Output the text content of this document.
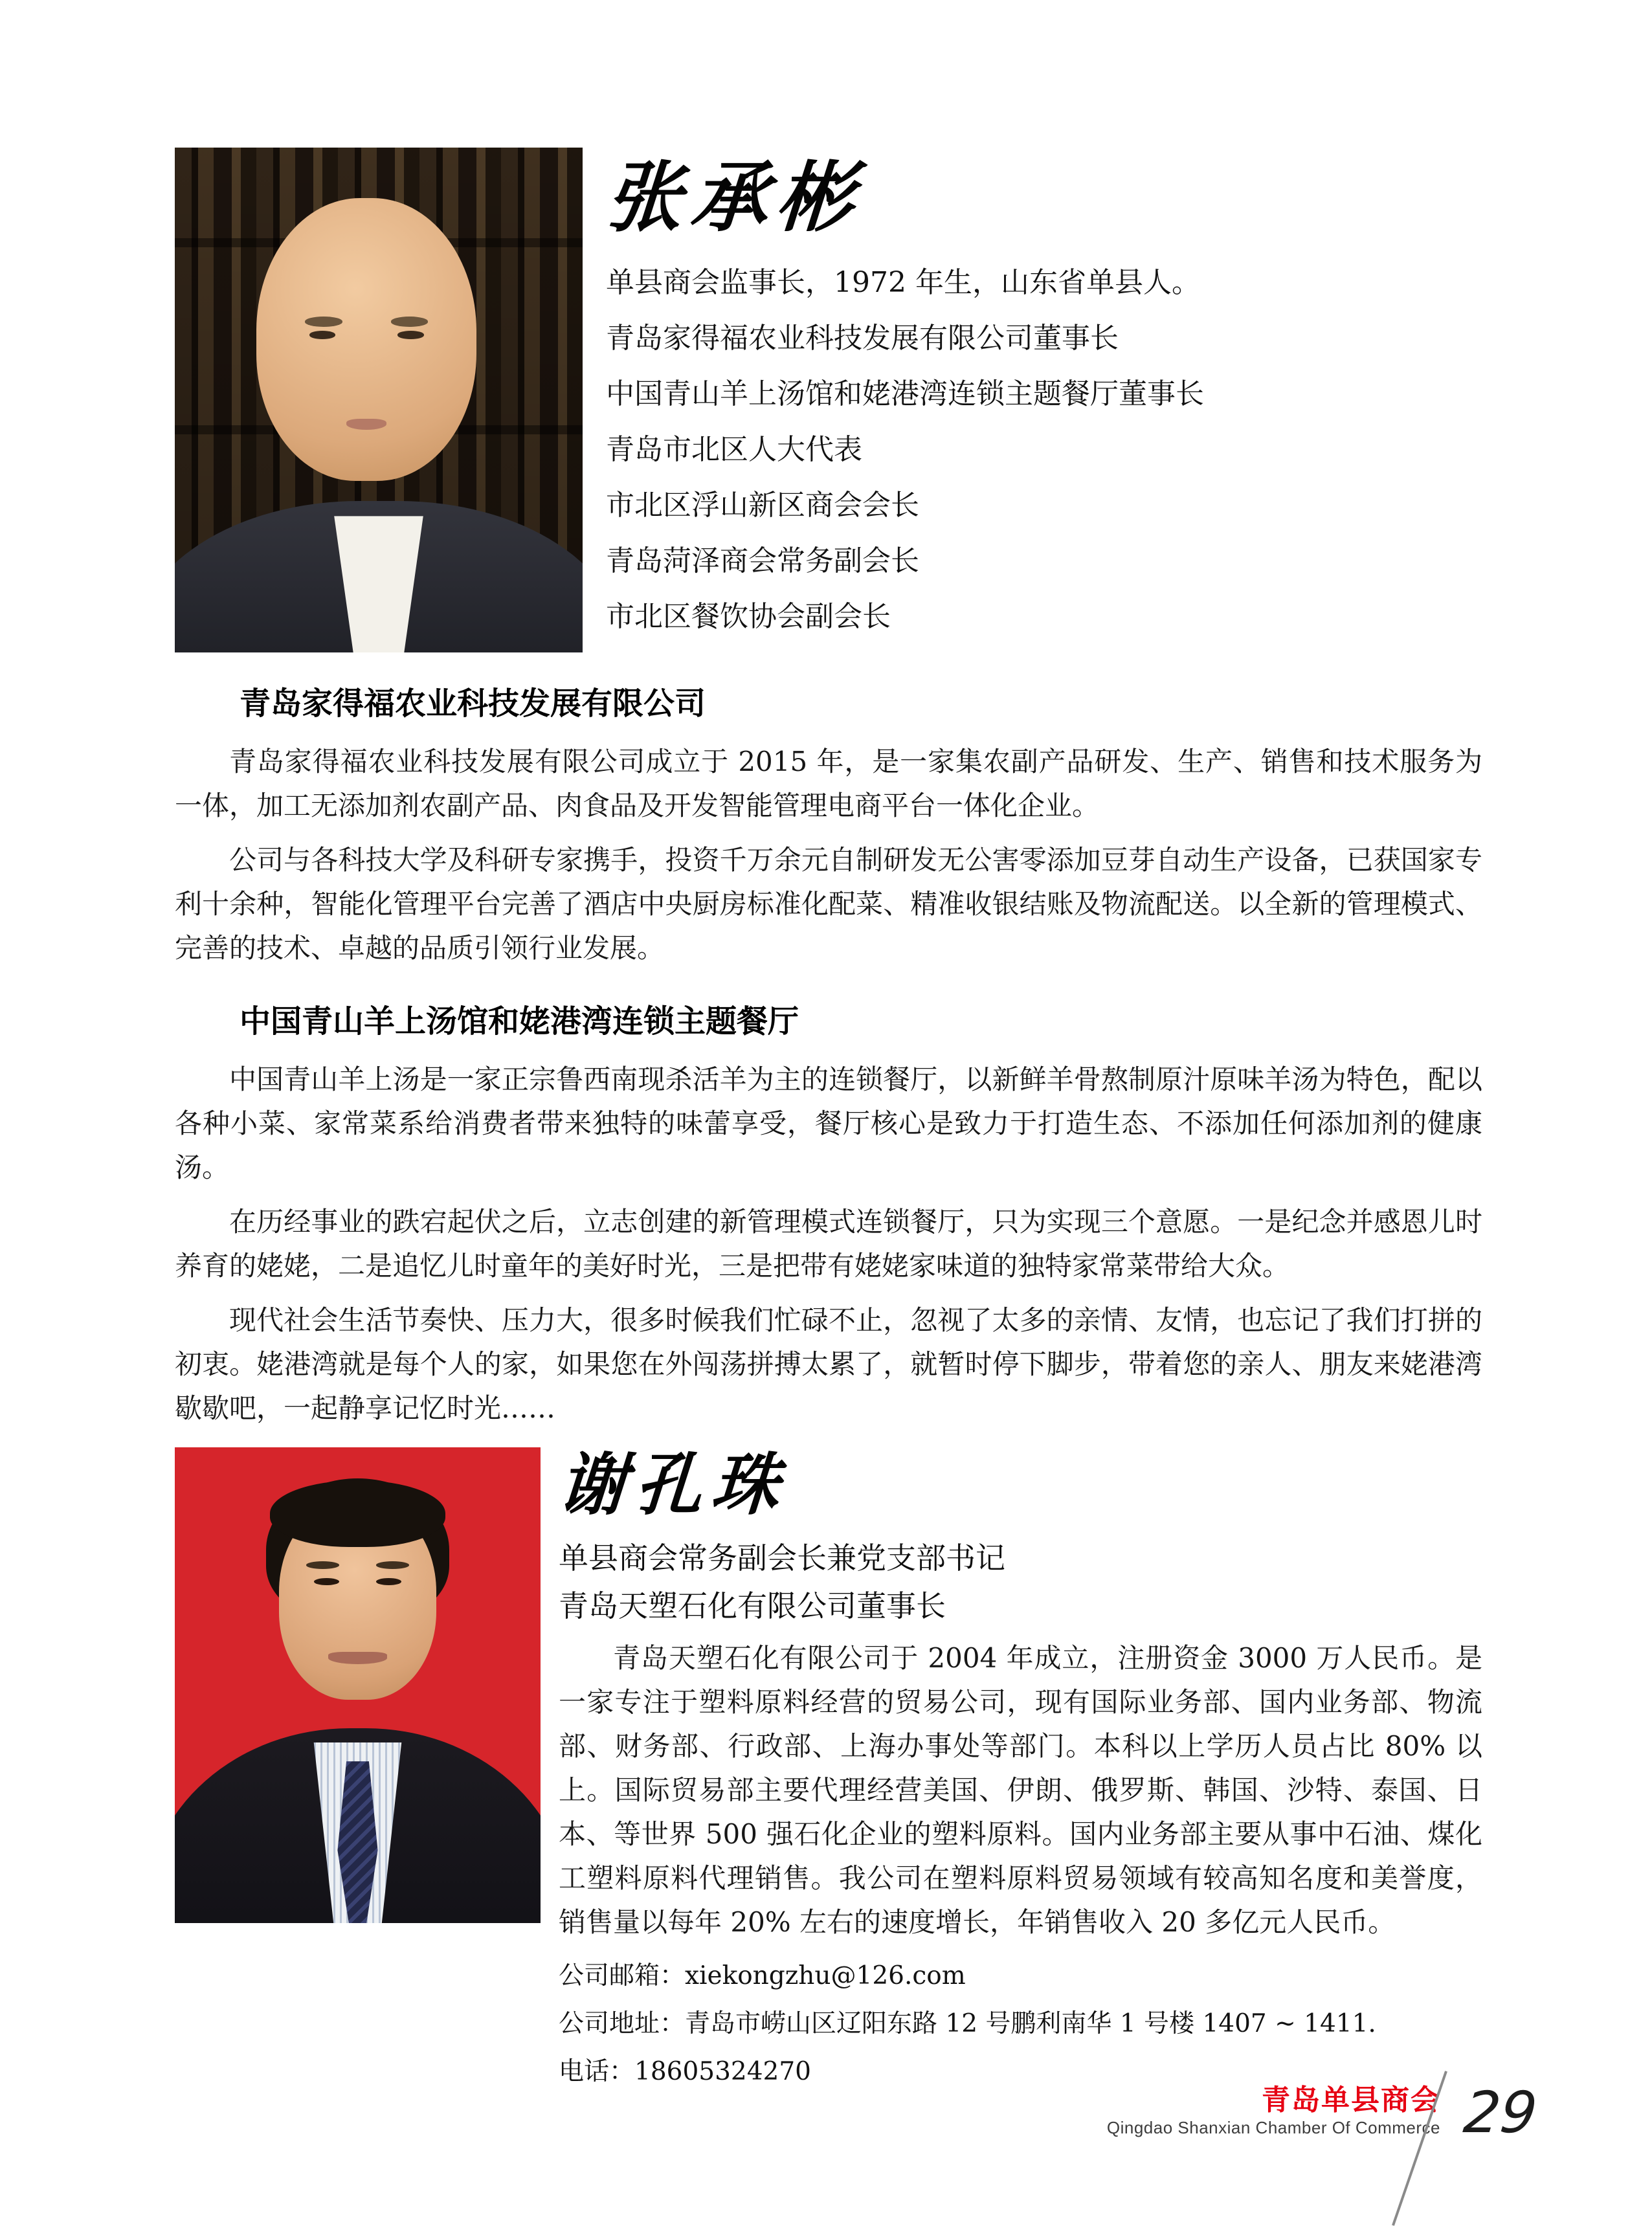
张承彬
单县商会监事长，1972 年生，山东省单县人。
青岛家得福农业科技发展有限公司董事长
中国青山羊上汤馆和姥港湾连锁主题餐厅董事长
青岛市北区人大代表
市北区浮山新区商会会长
青岛菏泽商会常务副会长
市北区餐饮协会副会长
青岛家得福农业科技发展有限公司

青岛家得福农业科技发展有限公司成立于 2015 年，是一家集农副产品研发、生产、销售和技术服务为一体，加工无添加剂农副产品、肉食品及开发智能管理电商平台一体化企业。

公司与各科技大学及科研专家携手，投资千万余元自制研发无公害零添加豆芽自动生产设备，已获国家专利十余种，智能化管理平台完善了酒店中央厨房标准化配菜、精准收银结账及物流配送。以全新的管理模式、完善的技术、卓越的品质引领行业发展。

中国青山羊上汤馆和姥港湾连锁主题餐厅

中国青山羊上汤是一家正宗鲁西南现杀活羊为主的连锁餐厅，以新鲜羊骨熬制原汁原味羊汤为特色，配以各种小菜、家常菜系给消费者带来独特的味蕾享受，餐厅核心是致力于打造生态、不添加任何添加剂的健康汤。

在历经事业的跌宕起伏之后，立志创建的新管理模式连锁餐厅，只为实现三个意愿。一是纪念并感恩儿时养育的姥姥，二是追忆儿时童年的美好时光，三是把带有姥姥家味道的独特家常菜带给大众。

现代社会生活节奏快、压力大，很多时候我们忙碌不止，忽视了太多的亲情、友情，也忘记了我们打拼的初衷。姥港湾就是每个人的家，如果您在外闯荡拼搏太累了，就暂时停下脚步，带着您的亲人、朋友来姥港湾歇歇吧，一起静享记忆时光……

谢孔珠
单县商会常务副会长兼党支部书记
青岛天塑石化有限公司董事长

青岛天塑石化有限公司于 2004 年成立，注册资金 3000 万人民币。是一家专注于塑料原料经营的贸易公司，现有国际业务部、国内业务部、物流部、财务部、行政部、上海办事处等部门。本科以上学历人员占比 80% 以上。国际贸易部主要代理经营美国、伊朗、俄罗斯、韩国、沙特、泰国、日本、等世界 500 强石化企业的塑料原料。国内业务部主要从事中石油、煤化工塑料原料代理销售。我公司在塑料原料贸易领域有较高知名度和美誉度，销售量以每年 20% 左右的速度增长，年销售收入 20 多亿元人民币。

公司邮箱：xiekongzhu@126.com
公司地址：青岛市崂山区辽阳东路 12 号鹏利南华 1 号楼 1407 ~ 1411.
电话：18605324270
青岛单县商会
Qingdao Shanxian Chamber Of Commerce 29
